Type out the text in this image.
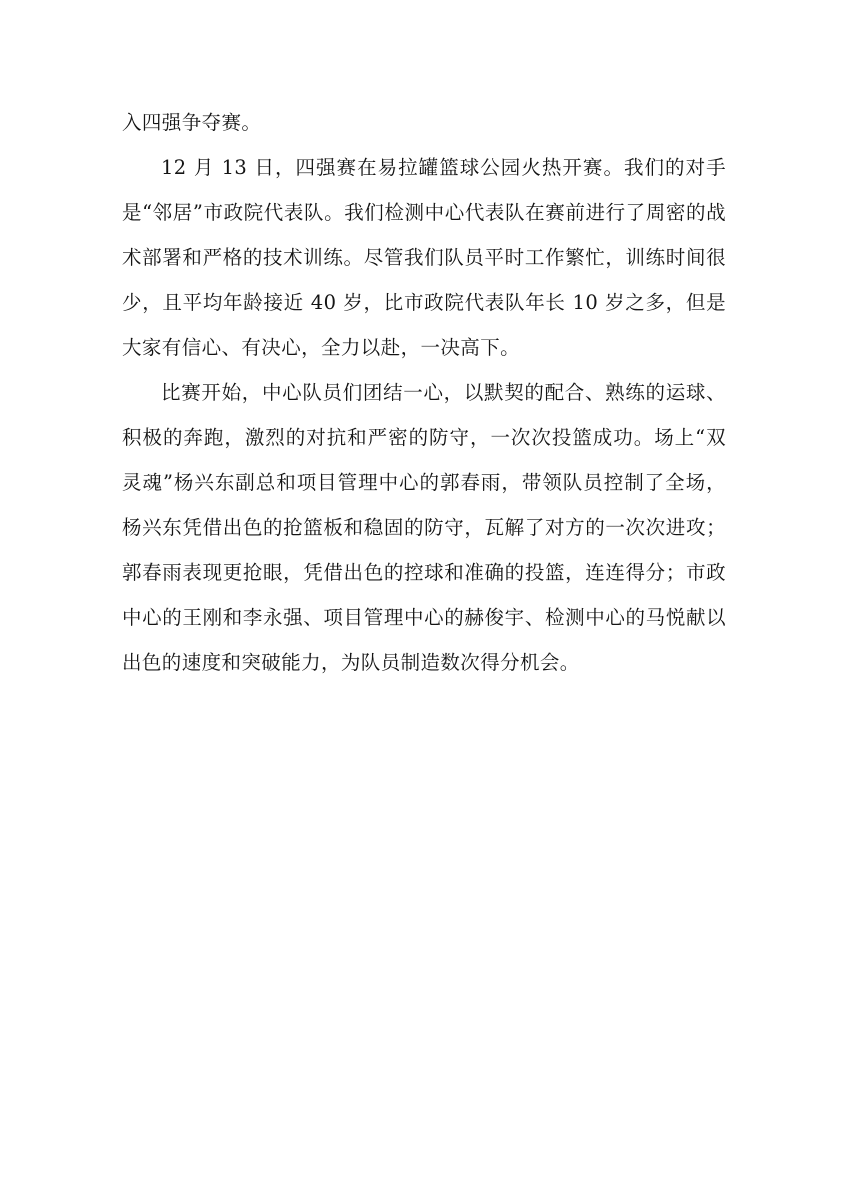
入四强争夺赛。

12 月 13 日，四强赛在易拉罐篮球公园火热开赛。我们的对手是“邻居”市政院代表队。我们检测中心代表队在赛前进行了周密的战术部署和严格的技术训练。尽管我们队员平时工作繁忙，训练时间很少，且平均年龄接近 40 岁，比市政院代表队年长 10 岁之多，但是大家有信心、有决心，全力以赴，一决高下。

比赛开始，中心队员们团结一心，以默契的配合、熟练的运球、积极的奔跑，激烈的对抗和严密的防守，一次次投篮成功。场上“双灵魂”杨兴东副总和项目管理中心的郭春雨，带领队员控制了全场，杨兴东凭借出色的抢篮板和稳固的防守，瓦解了对方的一次次进攻；郭春雨表现更抢眼，凭借出色的控球和准确的投篮，连连得分；市政中心的王刚和李永强、项目管理中心的赫俊宇、检测中心的马悦献以出色的速度和突破能力，为队员制造数次得分机会。
